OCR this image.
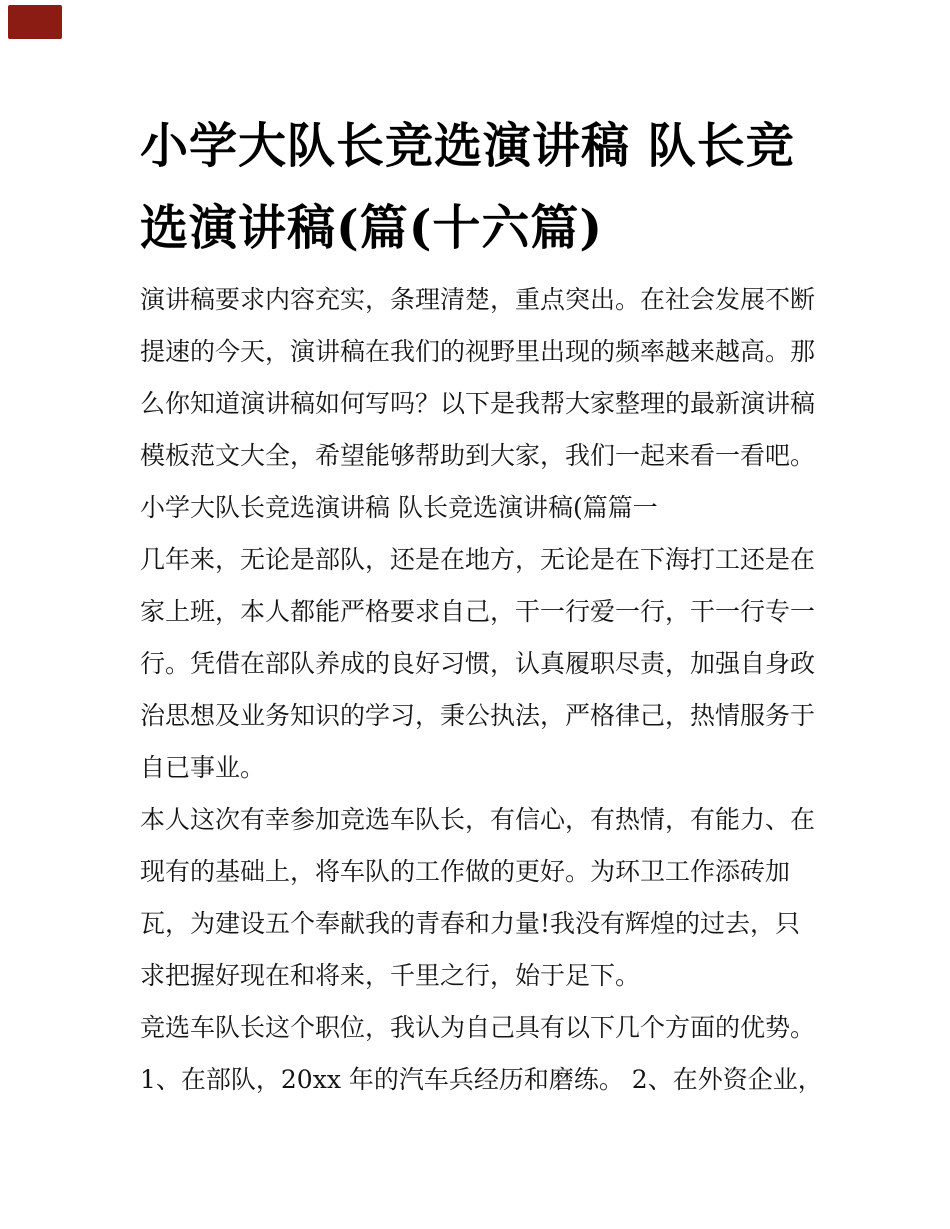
小学大队长竞选演讲稿 队长竞
选演讲稿(篇(十六篇)
演讲稿要求内容充实，条理清楚，重点突出。在社会发展不断
提速的今天，演讲稿在我们的视野里出现的频率越来越高。那
么你知道演讲稿如何写吗？以下是我帮大家整理的最新演讲稿
模板范文大全，希望能够帮助到大家，我们一起来看一看吧。
小学大队长竞选演讲稿 队长竞选演讲稿(篇篇一
几年来，无论是部队，还是在地方，无论是在下海打工还是在
家上班，本人都能严格要求自己，干一行爱一行，干一行专一
行。凭借在部队养成的良好习惯，认真履职尽责，加强自身政
治思想及业务知识的学习，秉公执法，严格律己，热情服务于
自已事业。
本人这次有幸参加竞选车队长，有信心，有热情，有能力、在
现有的基础上，将车队的工作做的更好。为环卫工作添砖加
瓦，为建设五个奉献我的青春和力量!我没有辉煌的过去，只
求把握好现在和将来，千里之行，始于足下。
竞选车队长这个职位，我认为自己具有以下几个方面的优势。
1、在部队，20xx 年的汽车兵经历和磨练。 2、在外资企业，
